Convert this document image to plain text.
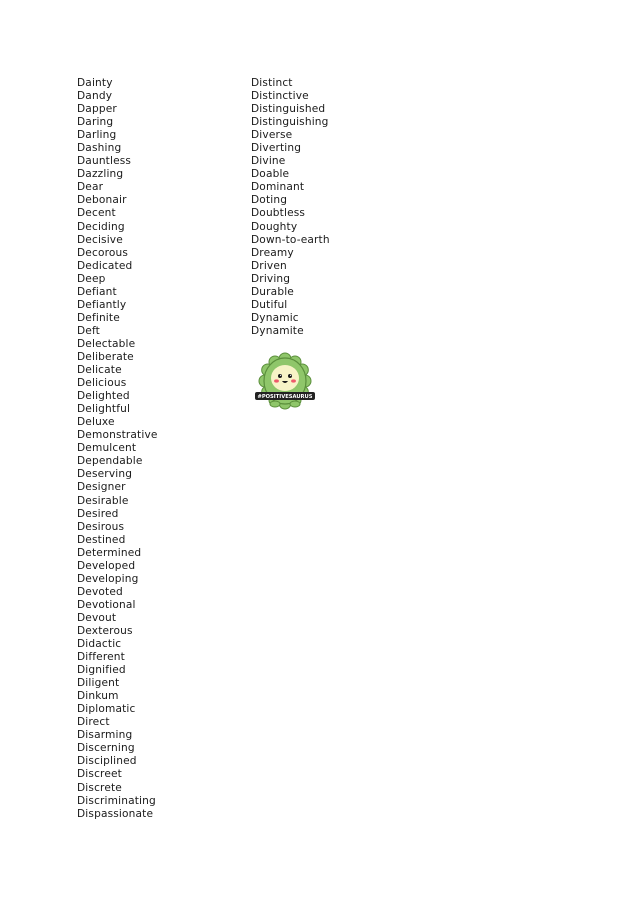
Dainty
Dandy
Dapper
Daring
Darling
Dashing
Dauntless
Dazzling
Dear
Debonair
Decent
Deciding
Decisive
Decorous
Dedicated
Deep
Defiant
Defiantly
Definite
Deft
Delectable
Deliberate
Delicate
Delicious
Delighted
Delightful
Deluxe
Demonstrative
Demulcent
Dependable
Deserving
Designer
Desirable
Desired
Desirous
Destined
Determined
Developed
Developing
Devoted
Devotional
Devout
Dexterous
Didactic
Different
Dignified
Diligent
Dinkum
Diplomatic
Direct
Disarming
Discerning
Disciplined
Discreet
Discrete
Discriminating
Dispassionate
Distinct
Distinctive
Distinguished
Distinguishing
Diverse
Diverting
Divine
Doable
Dominant
Doting
Doubtless
Doughty
Down-to-earth
Dreamy
Driven
Driving
Durable
Dutiful
Dynamic
Dynamite
#POSITIVESAURUS
